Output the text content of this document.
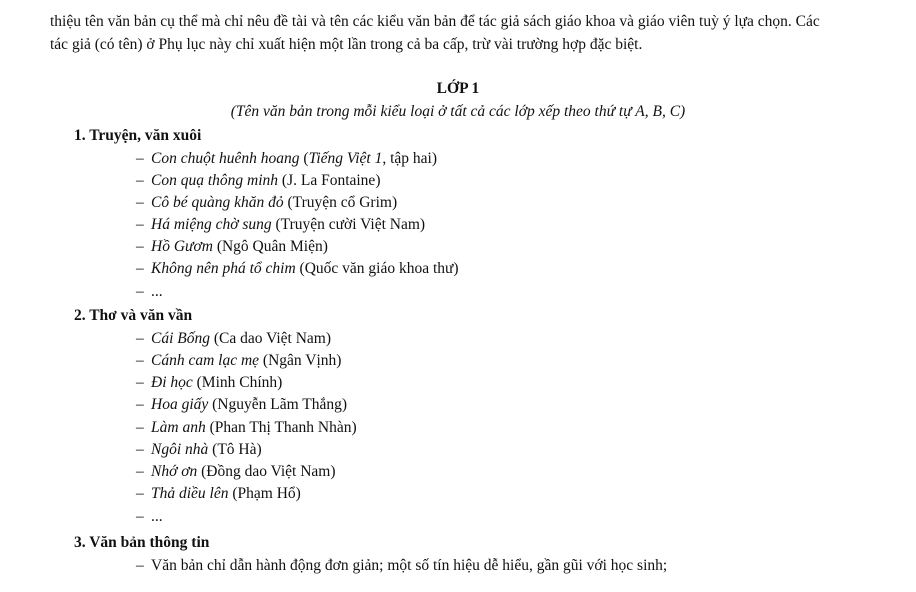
thiệu tên văn bản cụ thể mà chỉ nêu đề tài và tên các kiểu văn bản để tác giả sách giáo khoa và giáo viên tuỳ ý lựa chọn. Các

tác giả (có tên) ở Phụ lục này chỉ xuất hiện một lần trong cả ba cấp, trừ vài trường hợp đặc biệt.

LỚP 1
(Tên văn bản trong mỗi kiểu loại ở tất cả các lớp xếp theo thứ tự A, B, C)
1. Truyện, văn xuôi
– Con chuột huênh hoang (Tiếng Việt 1, tập hai)
– Con quạ thông minh (J. La Fontaine)
– Cô bé quàng khăn đỏ (Truyện cổ Grim)
– Há miệng chờ sung (Truyện cười Việt Nam)
– Hồ Gươm (Ngô Quân Miện)
– Không nên phá tổ chim (Quốc văn giáo khoa thư)
– ...
2. Thơ và văn vần
– Cái Bống (Ca dao Việt Nam)
– Cánh cam lạc mẹ (Ngân Vịnh)
– Đi học (Minh Chính)
– Hoa giấy (Nguyễn Lãm Thắng)
– Làm anh (Phan Thị Thanh Nhàn)
– Ngôi nhà (Tô Hà)
– Nhớ ơn (Đồng dao Việt Nam)
– Thả diều lên (Phạm Hổ)
– ...
3. Văn bản thông tin
– Văn bản chỉ dẫn hành động đơn giản; một số tín hiệu dễ hiểu, gần gũi với học sinh;
